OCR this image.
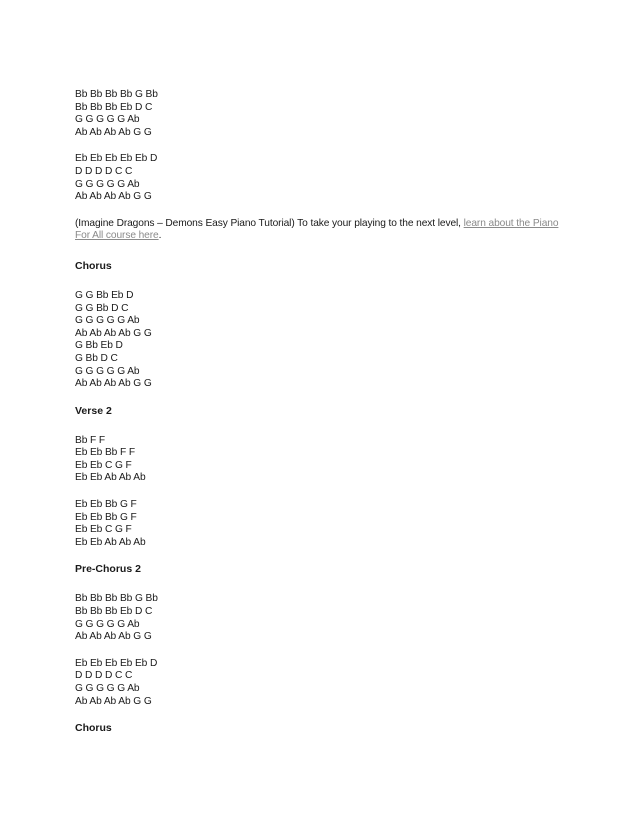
Bb Bb Bb Bb G Bb
Bb Bb Bb Eb D C
G G G G G Ab
Ab Ab Ab Ab G G
Eb Eb Eb Eb Eb D
D D D D C C
G G G G G Ab
Ab Ab Ab Ab G G
(Imagine Dragons – Demons Easy Piano Tutorial) To take your playing to the next level, learn about the Piano For All course here.
Chorus
G G Bb Eb D
G G Bb D C
G G G G G Ab
Ab Ab Ab Ab G G
G Bb Eb D
G Bb D C
G G G G G Ab
Ab Ab Ab Ab G G
Verse 2
Bb F F
Eb Eb Bb F F
Eb Eb C G F
Eb Eb Ab Ab Ab
Eb Eb Bb G F
Eb Eb Bb G F
Eb Eb C G F
Eb Eb Ab Ab Ab
Pre-Chorus 2
Bb Bb Bb Bb G Bb
Bb Bb Bb Eb D C
G G G G G Ab
Ab Ab Ab Ab G G
Eb Eb Eb Eb Eb D
D D D D C C
G G G G G Ab
Ab Ab Ab Ab G G
Chorus
